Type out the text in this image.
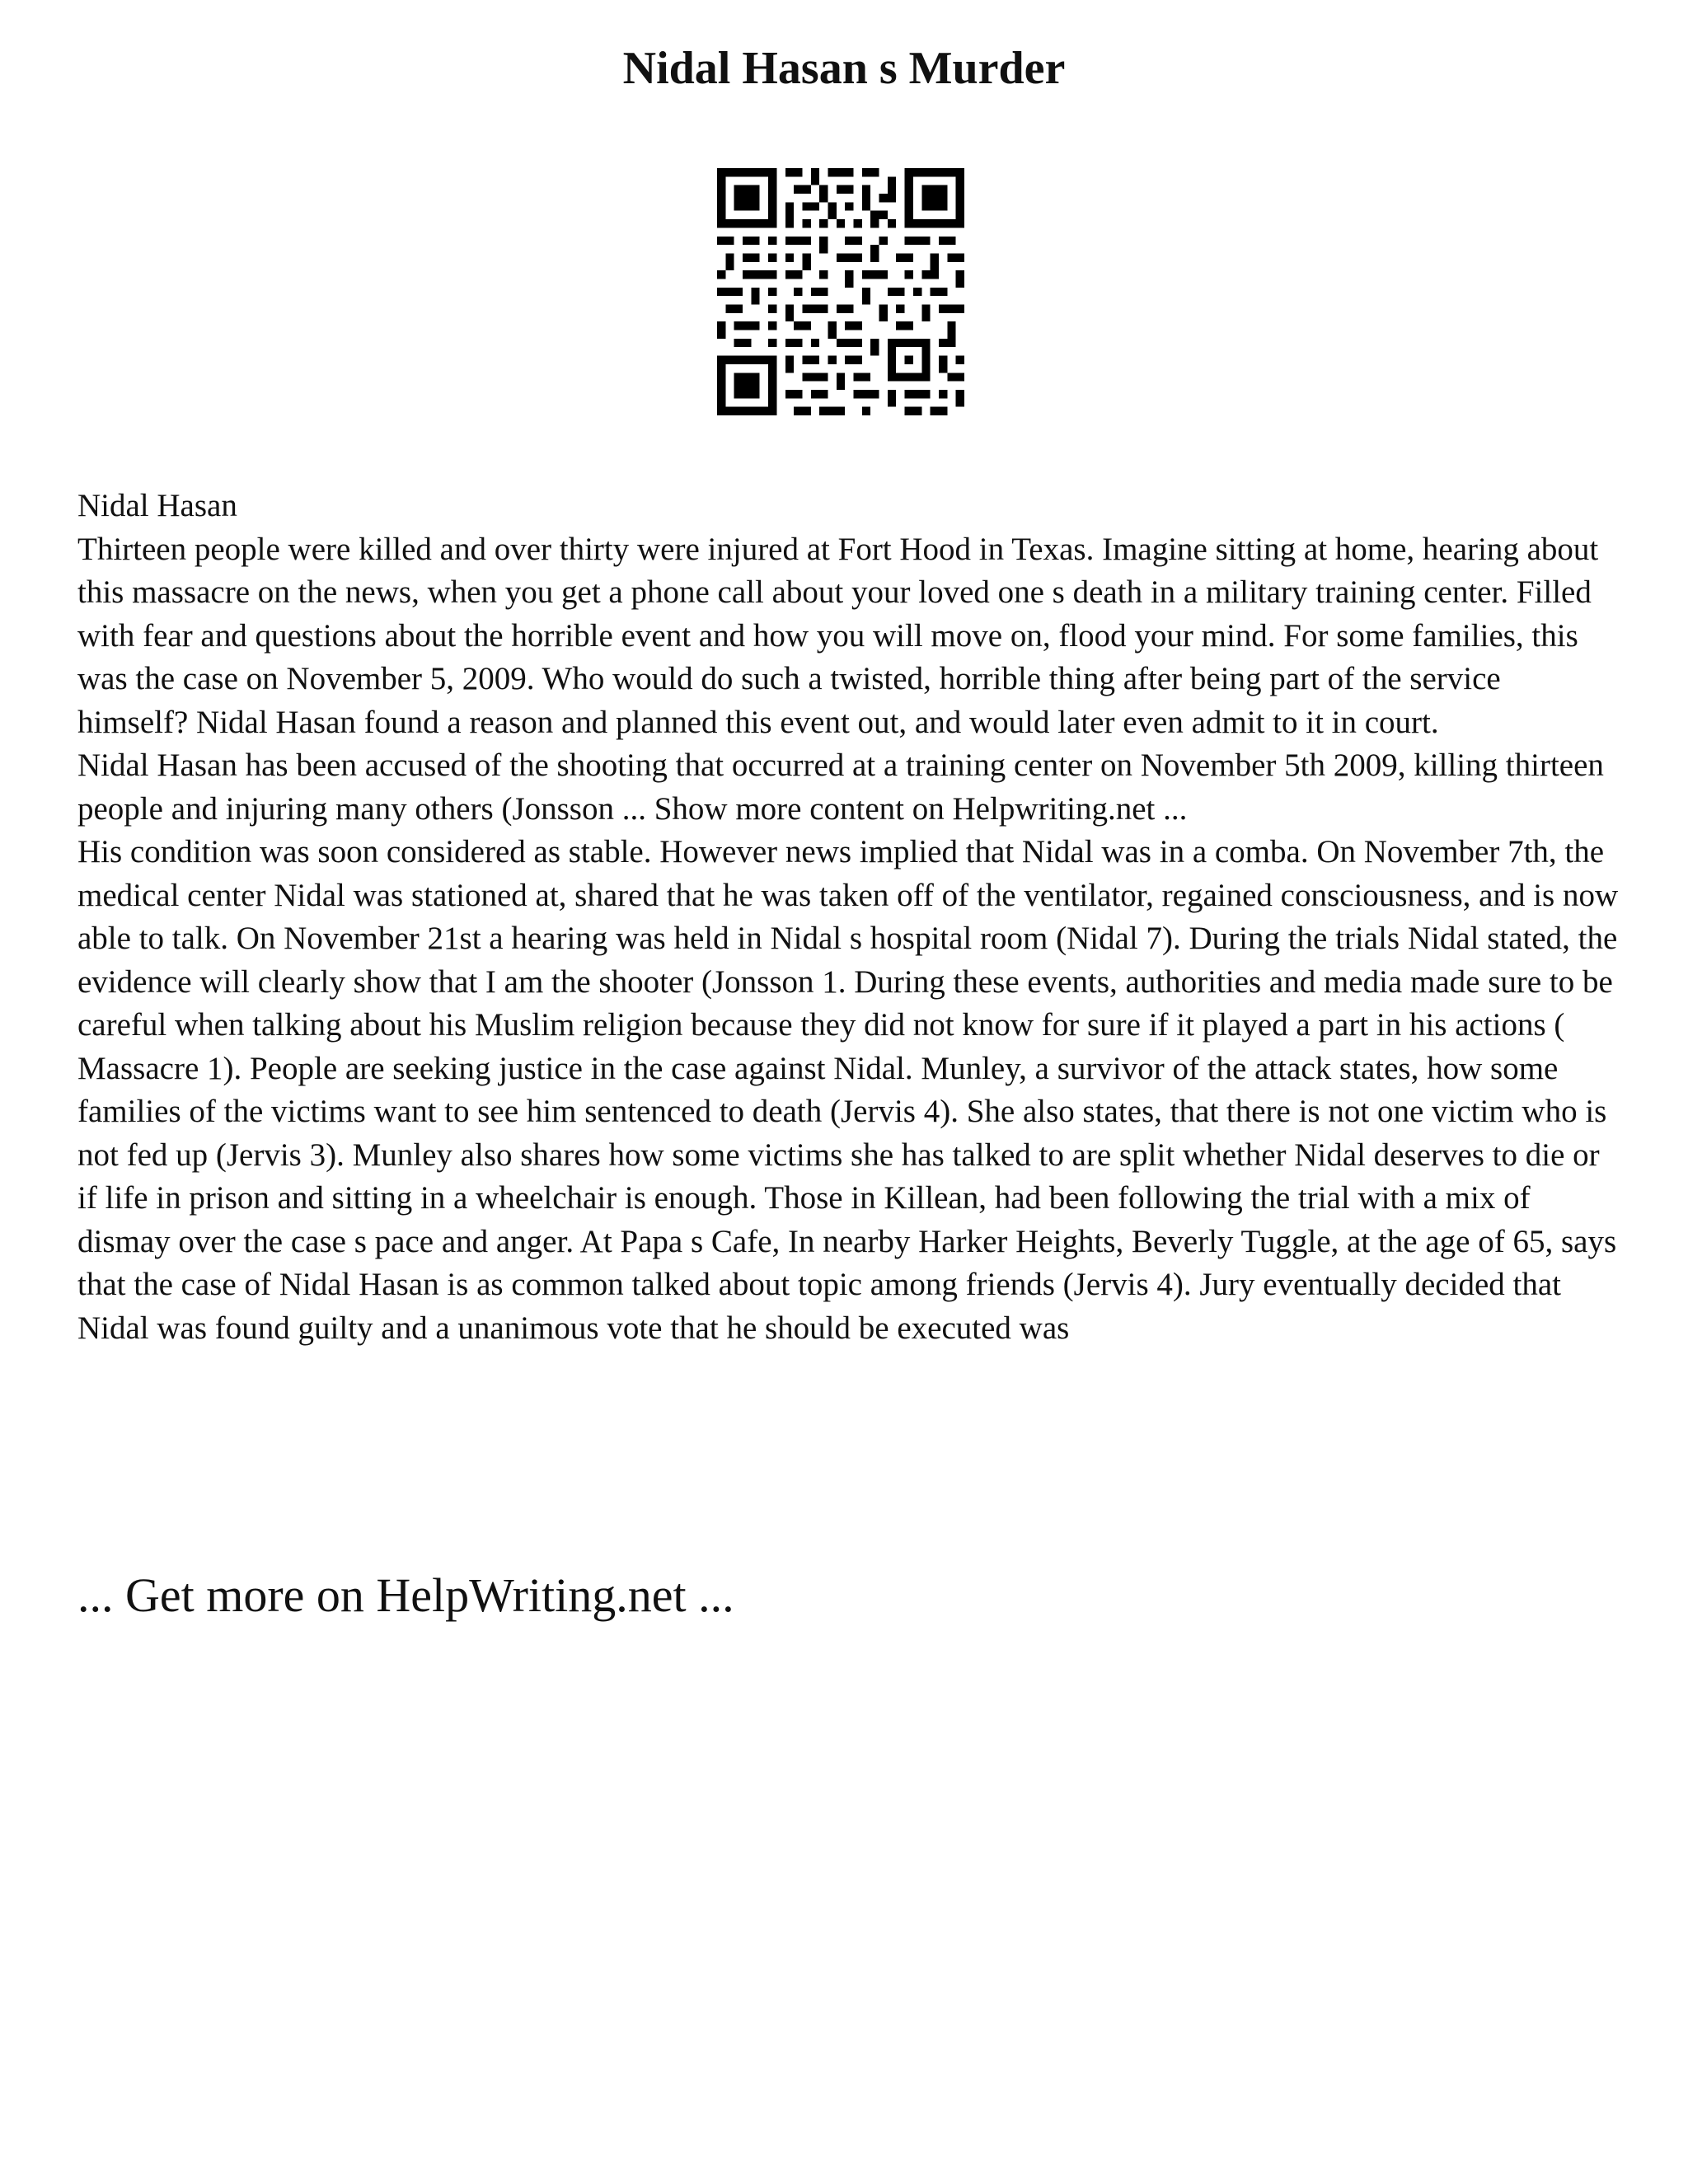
Nidal Hasan s Murder

Nidal Hasan

Thirteen people were killed and over thirty were injured at Fort Hood in Texas. Imagine sitting at home, hearing about this massacre on the news, when you get a phone call about your loved one s death in a military training center. Filled with fear and questions about the horrible event and how you will move on, flood your mind. For some families, this was the case on November 5, 2009. Who would do such a twisted, horrible thing after being part of the service himself? Nidal Hasan found a reason and planned this event out, and would later even admit to it in court.

Nidal Hasan has been accused of the shooting that occurred at a training center on November 5th 2009, killing thirteen people and injuring many others (Jonsson ... Show more content on Helpwriting.net ...

His condition was soon considered as stable. However news implied that Nidal was in a comba. On November 7th, the medical center Nidal was stationed at, shared that he was taken off of the ventilator, regained consciousness, and is now able to talk. On November 21st a hearing was held in Nidal s hospital room (Nidal 7). During the trials Nidal stated, the evidence will clearly show that I am the shooter (Jonsson 1. During these events, authorities and media made sure to be careful when talking about his Muslim religion because they did not know for sure if it played a part in his actions ( Massacre 1). People are seeking justice in the case against Nidal. Munley, a survivor of the attack states, how some families of the victims want to see him sentenced to death (Jervis 4). She also states, that there is not one victim who is not fed up (Jervis 3). Munley also shares how some victims she has talked to are split whether Nidal deserves to die or if life in prison and sitting in a wheelchair is enough. Those in Killean, had been following the trial with a mix of dismay over the case s pace and anger. At Papa s Cafe, In nearby Harker Heights, Beverly Tuggle, at the age of 65, says that the case of Nidal Hasan is as common talked about topic among friends (Jervis 4). Jury eventually decided that Nidal was found guilty and a unanimous vote that he should be executed was

... Get more on HelpWriting.net ...
